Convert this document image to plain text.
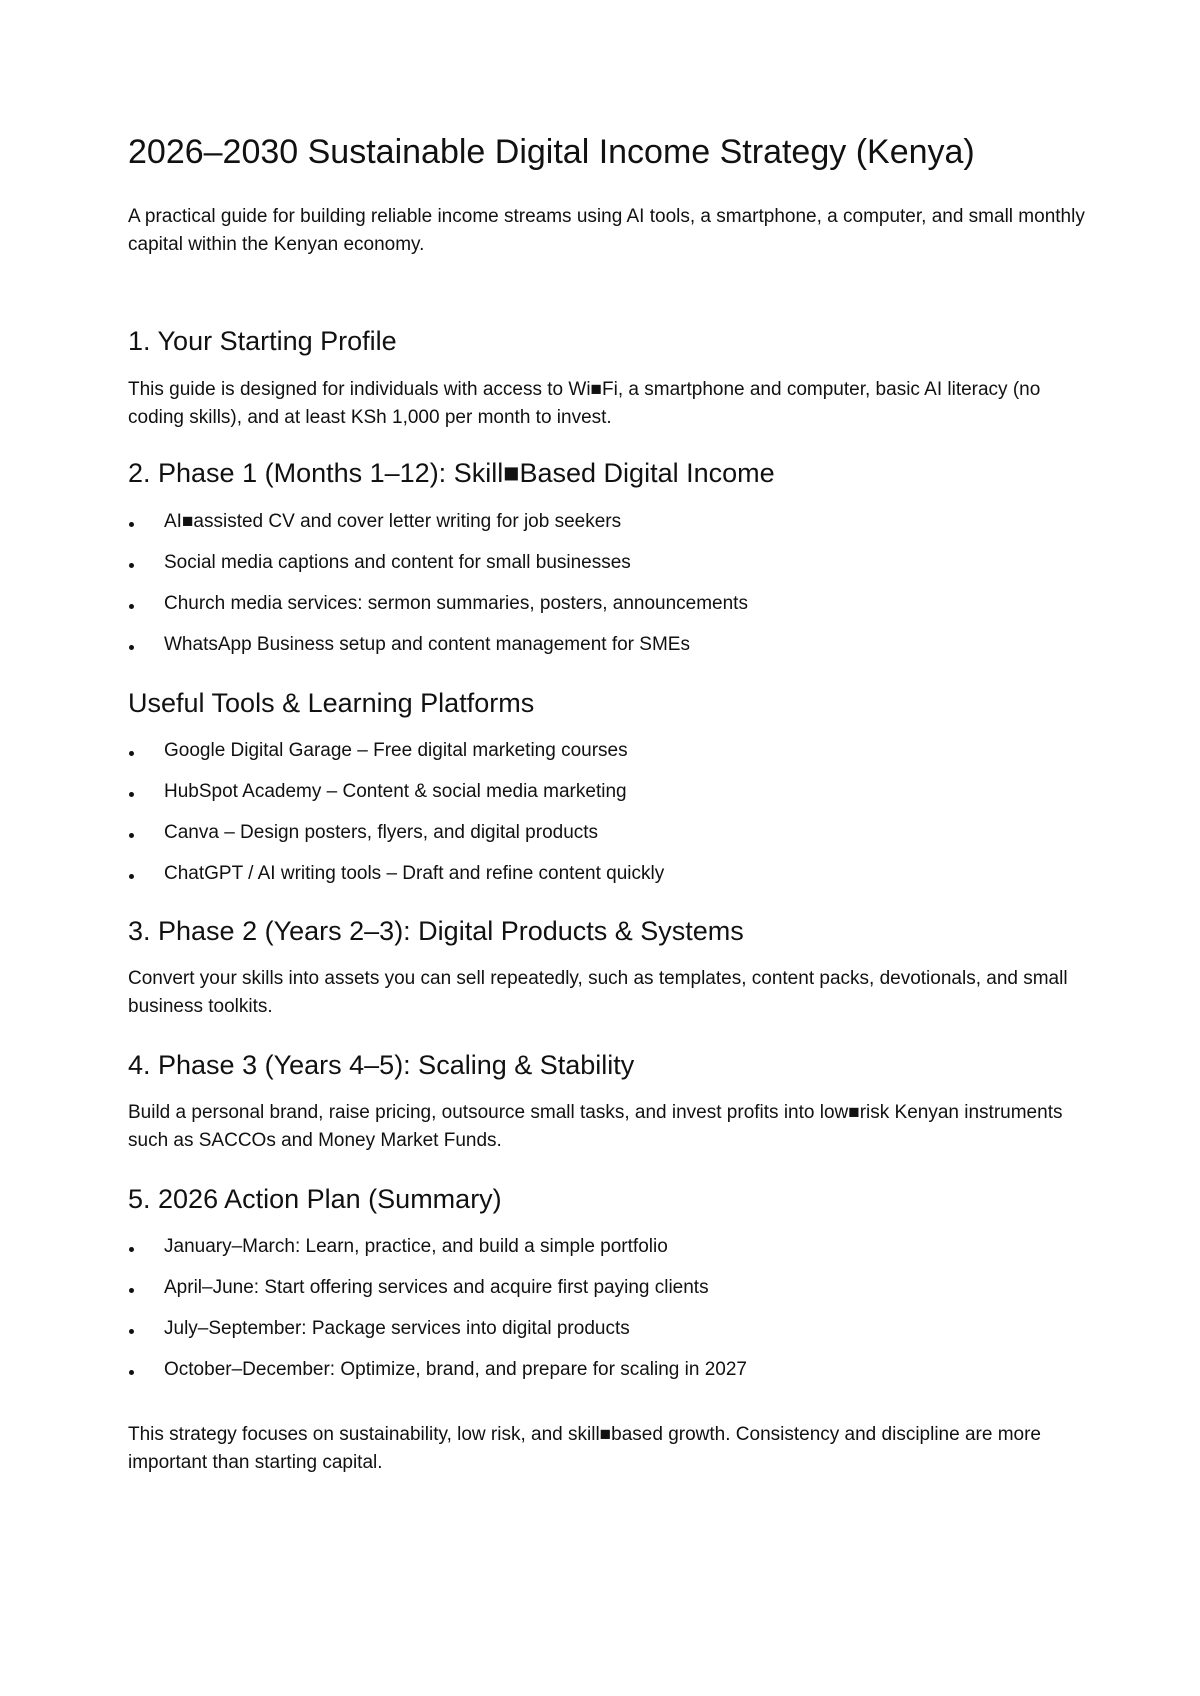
2026–2030 Sustainable Digital Income Strategy (Kenya)

A practical guide for building reliable income streams using AI tools, a smartphone, a computer, and small monthly capital within the Kenyan economy.

1. Your Starting Profile

This guide is designed for individuals with access to Wi■Fi, a smartphone and computer, basic AI literacy (no coding skills), and at least KSh 1,000 per month to invest.

2. Phase 1 (Months 1–12): Skill■Based Digital Income
AI■assisted CV and cover letter writing for job seekers
Social media captions and content for small businesses
Church media services: sermon summaries, posters, announcements
WhatsApp Business setup and content management for SMEs
Useful Tools & Learning Platforms
Google Digital Garage – Free digital marketing courses
HubSpot Academy – Content & social media marketing
Canva – Design posters, flyers, and digital products
ChatGPT / AI writing tools – Draft and refine content quickly
3. Phase 2 (Years 2–3): Digital Products & Systems

Convert your skills into assets you can sell repeatedly, such as templates, content packs, devotionals, and small business toolkits.

4. Phase 3 (Years 4–5): Scaling & Stability

Build a personal brand, raise pricing, outsource small tasks, and invest profits into low■risk Kenyan instruments such as SACCOs and Money Market Funds.

5. 2026 Action Plan (Summary)
January–March: Learn, practice, and build a simple portfolio
April–June: Start offering services and acquire first paying clients
July–September: Package services into digital products
October–December: Optimize, brand, and prepare for scaling in 2027

This strategy focuses on sustainability, low risk, and skill■based growth. Consistency and discipline are more important than starting capital.
